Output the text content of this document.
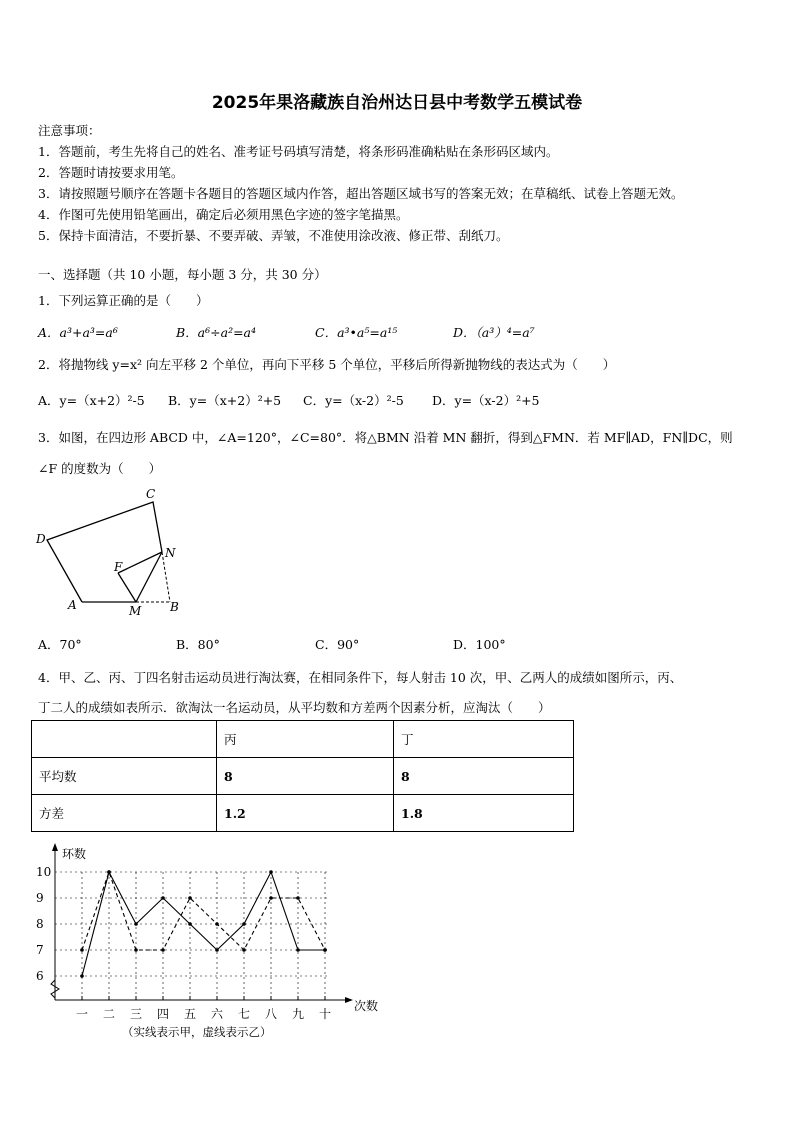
2025年果洛藏族自治州达日县中考数学五模试卷
注意事项：
1．答题前，考生先将自己的姓名、准考证号码填写清楚，将条形码准确粘贴在条形码区域内。
2．答题时请按要求用笔。
3．请按照题号顺序在答题卡各题目的答题区域内作答，超出答题区域书写的答案无效；在草稿纸、试卷上答题无效。
4．作图可先使用铅笔画出，确定后必须用黑色字迹的签字笔描黑。
5．保持卡面清洁，不要折暴、不要弄破、弄皱，不准使用涂改液、修正带、刮纸刀。
一、选择题（共 10 小题，每小题 3 分，共 30 分）
1．下列运算正确的是（　　）
A．a³+a³=a⁶	B．a⁶÷a²=a⁴	C．a³•a⁵=a¹⁵	D．（a³）⁴=a⁷
2．将抛物线 y=x² 向左平移 2 个单位，再向下平移 5 个单位，平移后所得新抛物线的表达式为（　　）
A．y=（x+2）²-5 B．y=（x+2）²+5 C．y=（x-2）²-5 D．y=（x-2）²+5
3．如图，在四边形 ABCD 中，∠A=120°，∠C=80°．将△BMN 沿着 MN 翻折，得到△FMN．若 MF∥AD，FN∥DC，则
∠F 的度数为（　　）
C
D
N
F
A	M B
A．70°	B．80°	C．90°	D．100°
4．甲、乙、丙、丁四名射击运动员进行淘汰赛，在相同条件下，每人射击 10 次，甲、乙两人的成绩如图所示，丙、
丁二人的成绩如表所示．欲淘汰一名运动员，从平均数和方差两个因素分析，应淘汰（　　）
	丙	丁
平均数	8	8
方差	1.2	1.8
6
7
8
9
10
一 二 三 四 五 六 七 八 九 十
环数
次数
（实线表示甲，虚线表示乙）
